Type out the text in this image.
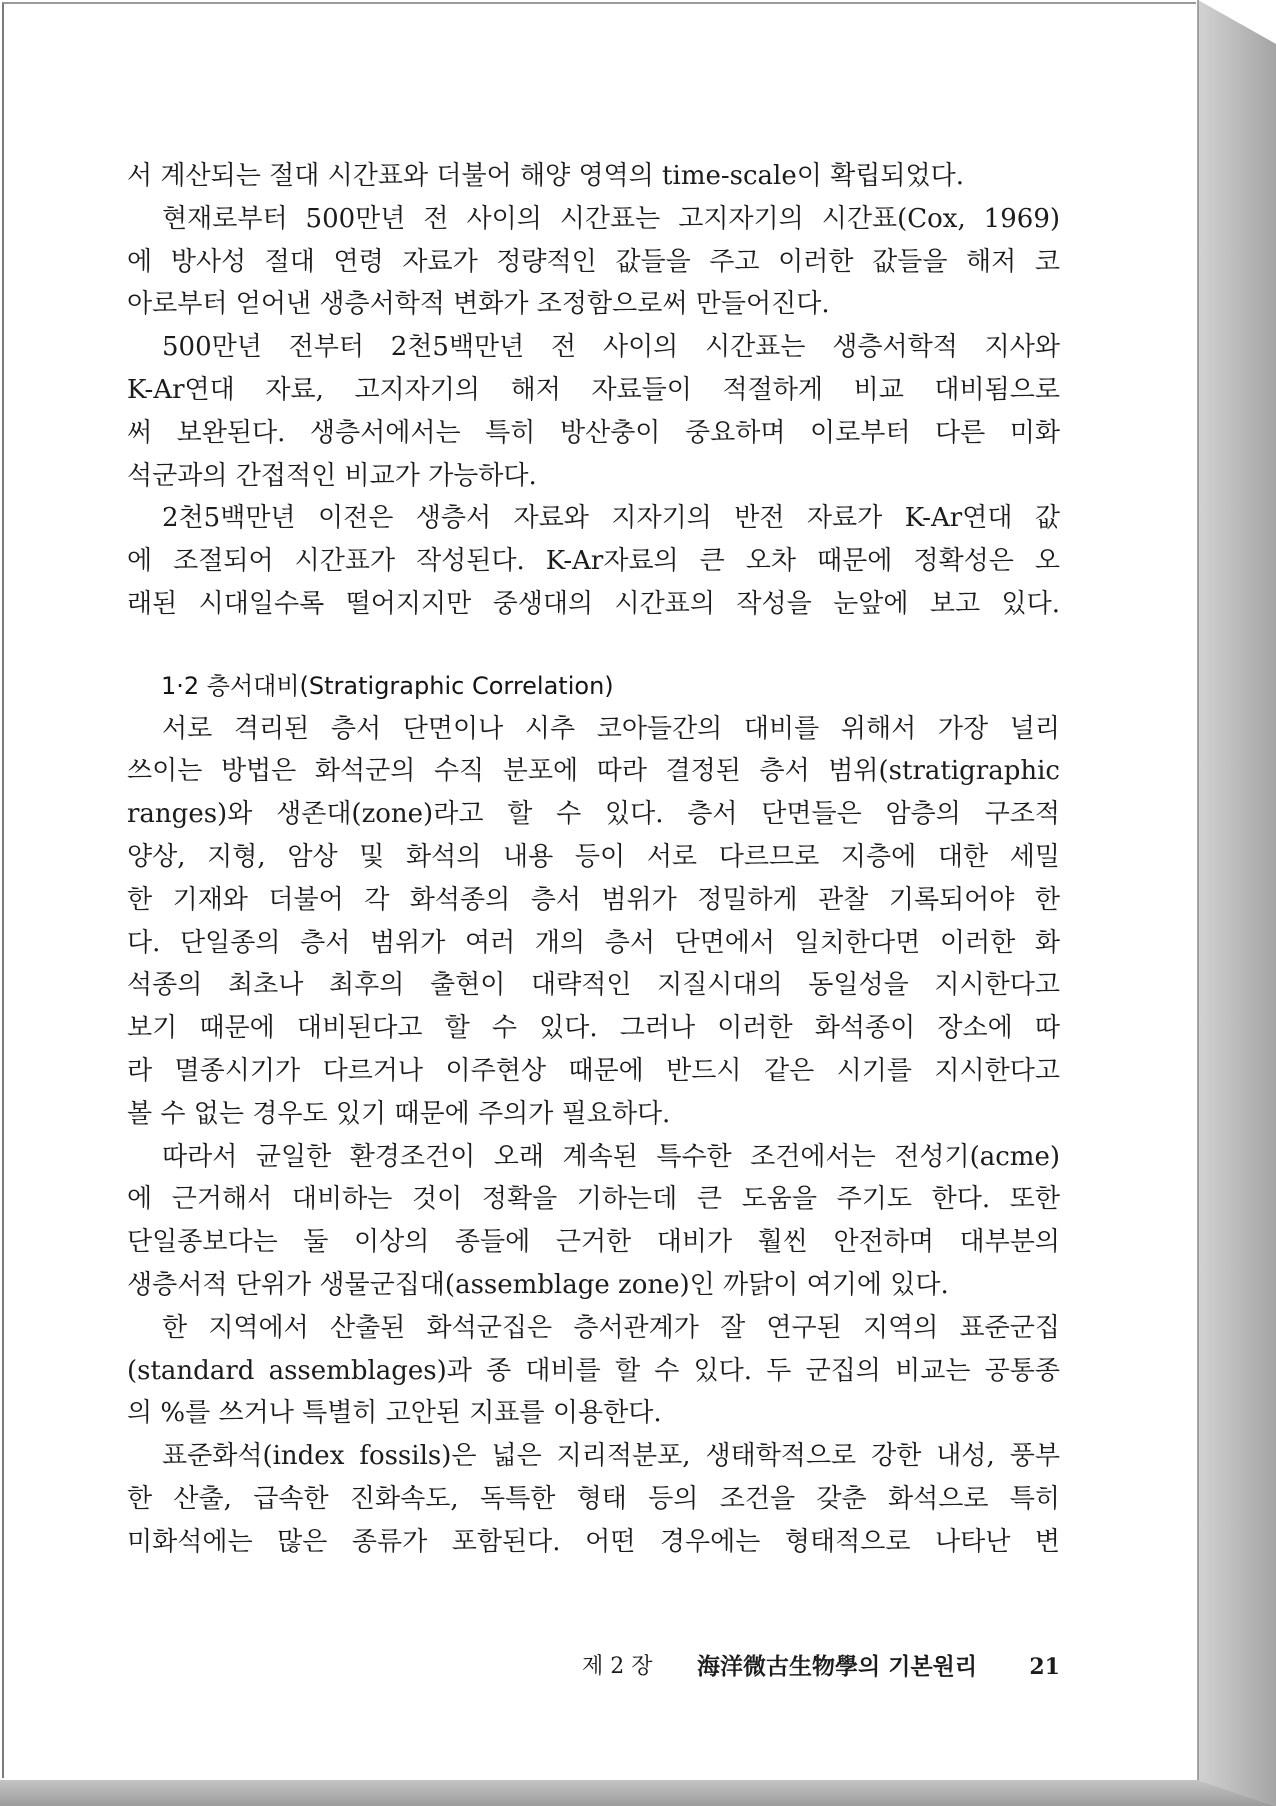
서 계산되는 절대 시간표와 더불어 해양 영역의 time-scale이 확립되었다.
현재로부터 500만년 전 사이의 시간표는 고지자기의 시간표(Cox, 1969)
에 방사성 절대 연령 자료가 정량적인 값들을 주고 이러한 값들을 해저 코
아로부터 얻어낸 생층서학적 변화가 조정함으로써 만들어진다.
500만년 전부터 2천5백만년 전 사이의 시간표는 생층서학적 지사와
K-Ar연대 자료, 고지자기의 해저 자료들이 적절하게 비교 대비됨으로
써 보완된다. 생층서에서는 특히 방산충이 중요하며 이로부터 다른 미화
석군과의 간접적인 비교가 가능하다.
2천5백만년 이전은 생층서 자료와 지자기의 반전 자료가 K-Ar연대 값
에 조절되어 시간표가 작성된다. K-Ar자료의 큰 오차 때문에 정확성은 오
래된 시대일수록 떨어지지만 중생대의 시간표의 작성을 눈앞에 보고 있다.
1·2 층서대비(Stratigraphic Correlation)
서로 격리된 층서 단면이나 시추 코아들간의 대비를 위해서 가장 널리
쓰이는 방법은 화석군의 수직 분포에 따라 결정된 층서 범위(stratigraphic
ranges)와 생존대(zone)라고 할 수 있다. 층서 단면들은 암층의 구조적
양상, 지형, 암상 및 화석의 내용 등이 서로 다르므로 지층에 대한 세밀
한 기재와 더불어 각 화석종의 층서 범위가 정밀하게 관찰 기록되어야 한
다. 단일종의 층서 범위가 여러 개의 층서 단면에서 일치한다면 이러한 화
석종의 최초나 최후의 출현이 대략적인 지질시대의 동일성을 지시한다고
보기 때문에 대비된다고 할 수 있다. 그러나 이러한 화석종이 장소에 따
라 멸종시기가 다르거나 이주현상 때문에 반드시 같은 시기를 지시한다고
볼 수 없는 경우도 있기 때문에 주의가 필요하다.
따라서 균일한 환경조건이 오래 계속된 특수한 조건에서는 전성기(acme)
에 근거해서 대비하는 것이 정확을 기하는데 큰 도움을 주기도 한다. 또한
단일종보다는 둘 이상의 종들에 근거한 대비가 훨씬 안전하며 대부분의
생층서적 단위가 생물군집대(assemblage zone)인 까닭이 여기에 있다.
한 지역에서 산출된 화석군집은 층서관계가 잘 연구된 지역의 표준군집
(standard assemblages)과 종 대비를 할 수 있다. 두 군집의 비교는 공통종
의 %를 쓰거나 특별히 고안된 지표를 이용한다.
표준화석(index fossils)은 넓은 지리적분포, 생태학적으로 강한 내성, 풍부
한 산출, 급속한 진화속도, 독특한 형태 등의 조건을 갖춘 화석으로 특히
미화석에는 많은 종류가 포함된다. 어떤 경우에는 형태적으로 나타난 변
제 2 장 海洋微古生物學의 기본원리 21
